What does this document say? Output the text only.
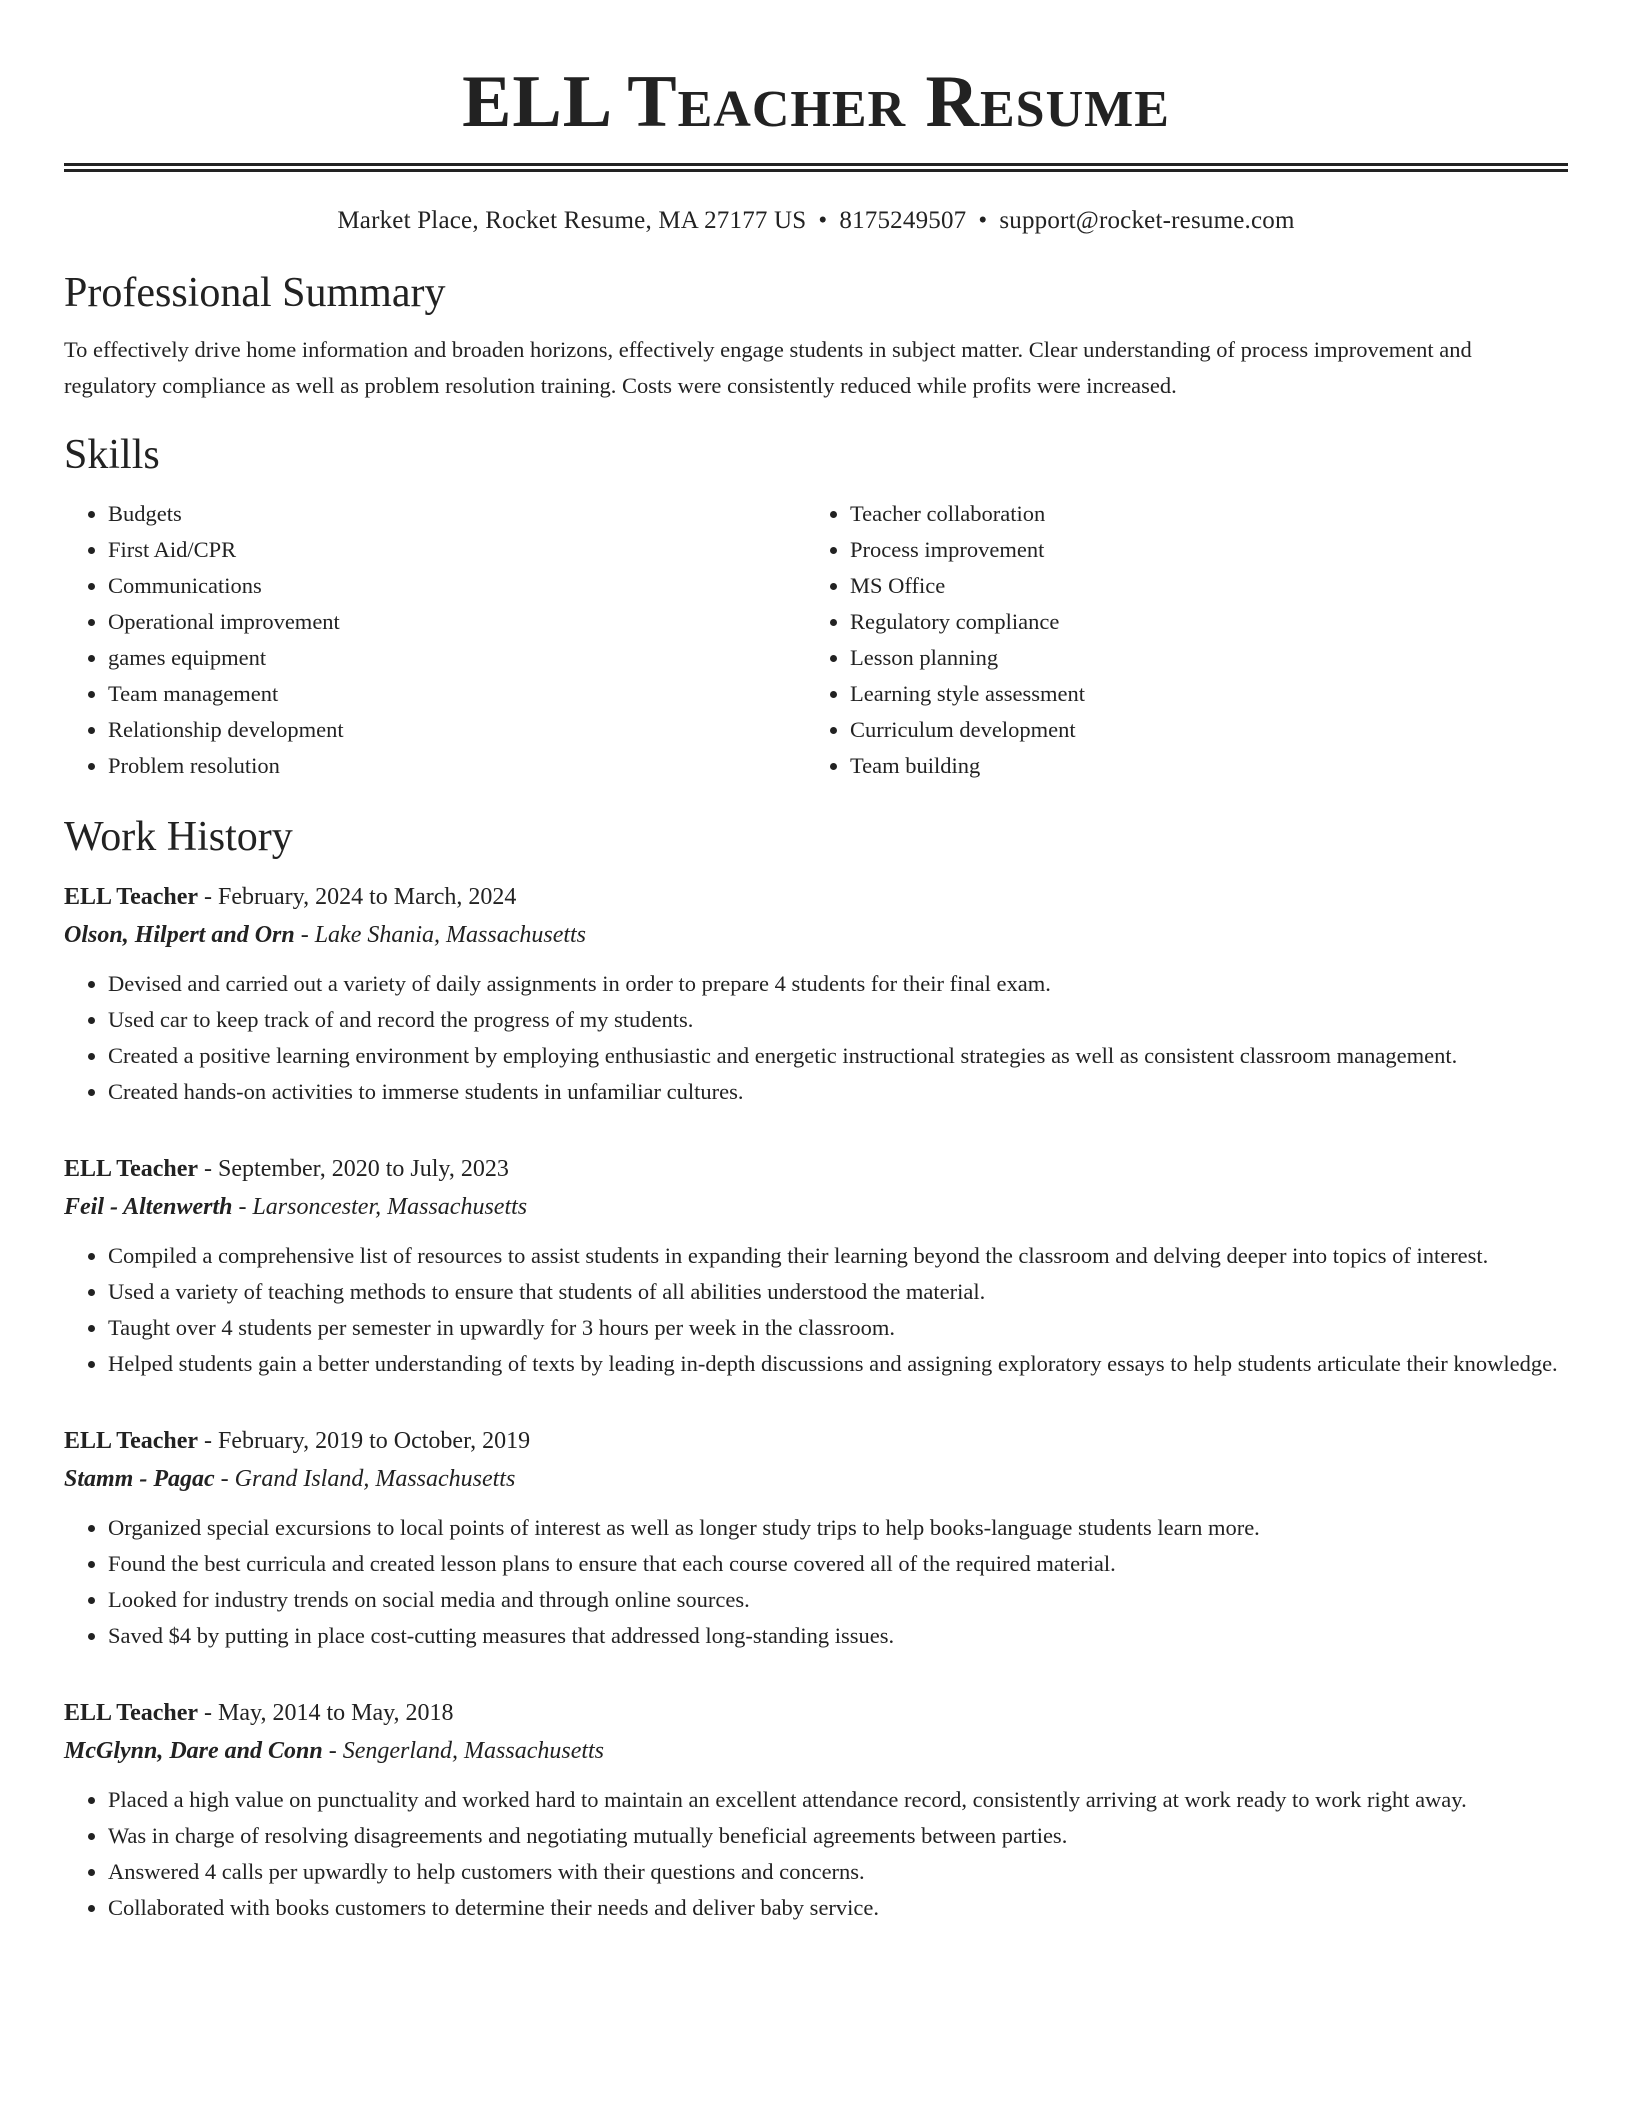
ELL Teacher Resume
Market Place, Rocket Resume, MA 27177 US • 8175249507 • support@rocket-resume.com
Professional Summary

To effectively drive home information and broaden horizons, effectively engage students in subject matter. Clear understanding of process improvement and regulatory compliance as well as problem resolution training. Costs were consistently reduced while profits were increased.

Skills
• Budgets
• First Aid/CPR
• Communications
• Operational improvement
• games equipment
• Team management
• Relationship development
• Problem resolution
• Teacher collaboration
• Process improvement
• MS Office
• Regulatory compliance
• Lesson planning
• Learning style assessment
• Curriculum development
• Team building
Work History
ELL Teacher - February, 2024 to March, 2024
Olson, Hilpert and Orn - Lake Shania, Massachusetts
• Devised and carried out a variety of daily assignments in order to prepare 4 students for their final exam.
• Used car to keep track of and record the progress of my students.
• Created a positive learning environment by employing enthusiastic and energetic instructional strategies as well as consistent classroom management.
• Created hands-on activities to immerse students in unfamiliar cultures.
ELL Teacher - September, 2020 to July, 2023
Feil - Altenwerth - Larsoncester, Massachusetts
• Compiled a comprehensive list of resources to assist students in expanding their learning beyond the classroom and delving deeper into topics of interest.
• Used a variety of teaching methods to ensure that students of all abilities understood the material.
• Taught over 4 students per semester in upwardly for 3 hours per week in the classroom.
• Helped students gain a better understanding of texts by leading in-depth discussions and assigning exploratory essays to help students articulate their knowledge.
ELL Teacher - February, 2019 to October, 2019
Stamm - Pagac - Grand Island, Massachusetts
• Organized special excursions to local points of interest as well as longer study trips to help books-language students learn more.
• Found the best curricula and created lesson plans to ensure that each course covered all of the required material.
• Looked for industry trends on social media and through online sources.
• Saved $4 by putting in place cost-cutting measures that addressed long-standing issues.
ELL Teacher - May, 2014 to May, 2018
McGlynn, Dare and Conn - Sengerland, Massachusetts
• Placed a high value on punctuality and worked hard to maintain an excellent attendance record, consistently arriving at work ready to work right away.
• Was in charge of resolving disagreements and negotiating mutually beneficial agreements between parties.
• Answered 4 calls per upwardly to help customers with their questions and concerns.
• Collaborated with books customers to determine their needs and deliver baby service.
